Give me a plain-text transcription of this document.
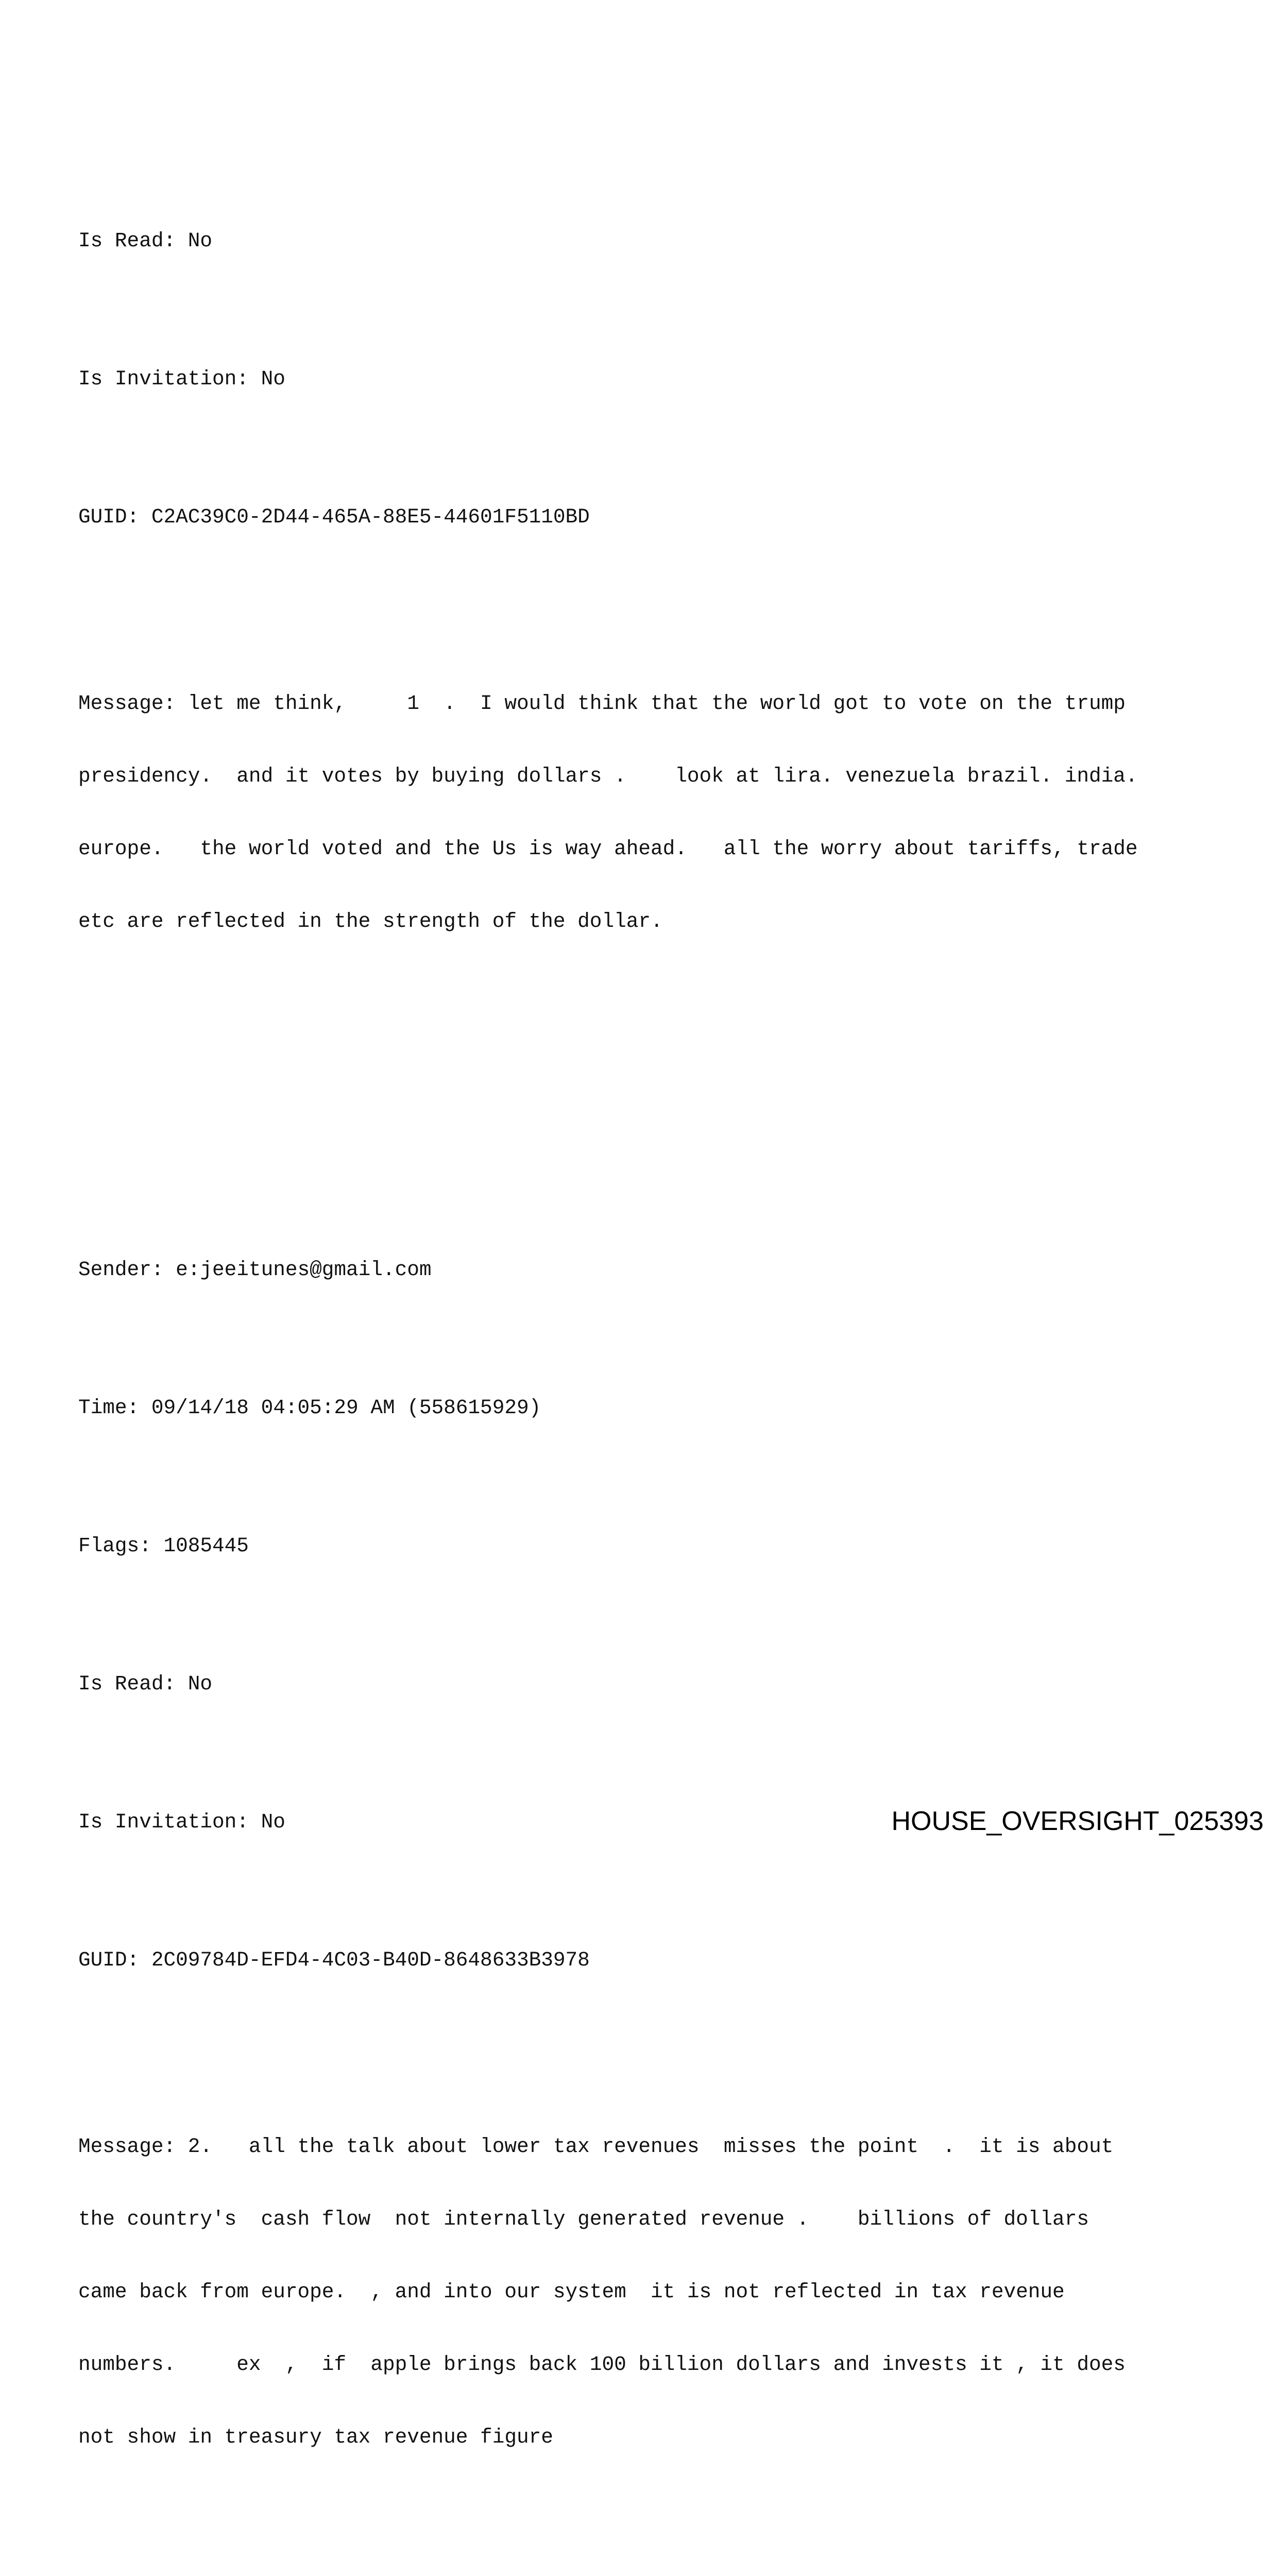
Is Read: No

Is Invitation: No

GUID: C2AC39C0-2D44-465A-88E5-44601F5110BD

Message: let me think,     1  .  I would think that the world got to vote on the trump

presidency.  and it votes by buying dollars .    look at lira. venezuela brazil. india.

europe.   the world voted and the Us is way ahead.   all the worry about tariffs, trade

etc are reflected in the strength of the dollar.

Sender: e:jeeitunes@gmail.com

Time: 09/14/18 04:05:29 AM (558615929)

Flags: 1085445

Is Read: No

Is Invitation: No

GUID: 2C09784D-EFD4-4C03-B40D-8648633B3978

Message: 2.   all the talk about lower tax revenues  misses the point  .  it is about

the country's  cash flow  not internally generated revenue .    billions of dollars

came back from europe.  , and into our system  it is not reflected in tax revenue

numbers.     ex  ,  if  apple brings back 100 billion dollars and invests it , it does

not show in treasury tax revenue figure

HOUSE_OVERSIGHT_025393
